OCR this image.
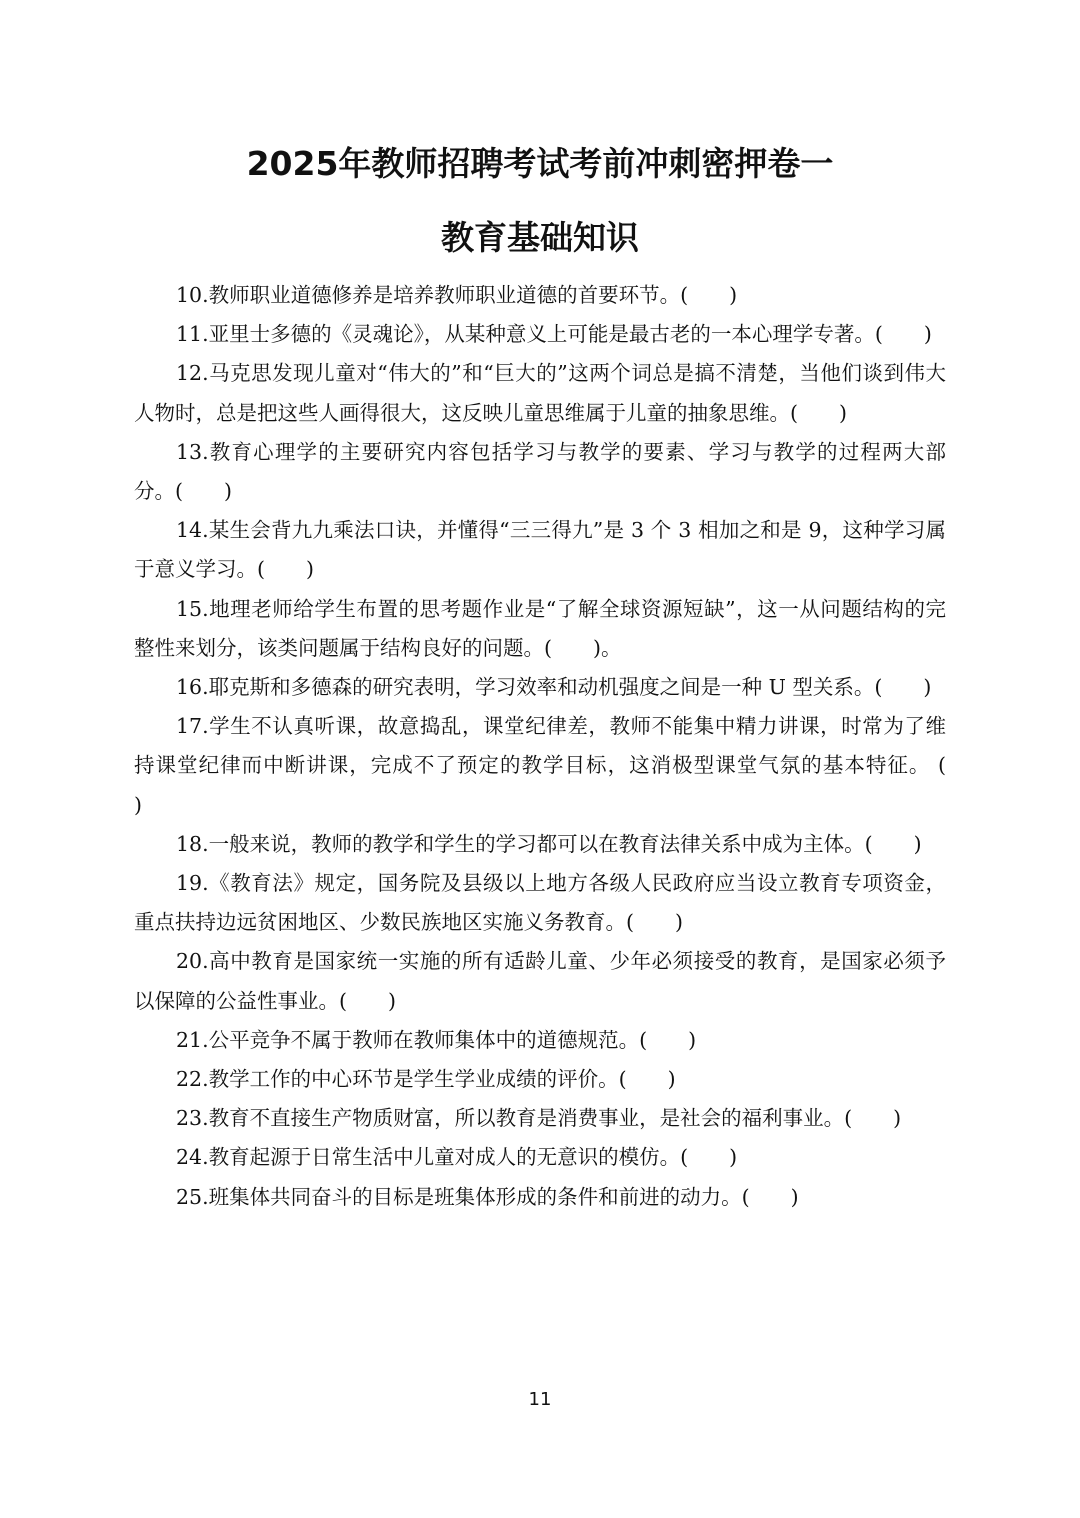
2025年教师招聘考试考前冲刺密押卷一
教育基础知识

10.教师职业道德修养是培养教师职业道德的首要环节。(　　)

11.亚里士多德的《灵魂论》，从某种意义上可能是最古老的一本心理学专著。(　　)

12.马克思发现儿童对“伟大的”和“巨大的”这两个词总是搞不清楚，当他们谈到伟大人物时，总是把这些人画得很大，这反映儿童思维属于儿童的抽象思维。(　　)

13.教育心理学的主要研究内容包括学习与教学的要素、学习与教学的过程两大部分。(　　)

14.某生会背九九乘法口诀，并懂得“三三得九”是 3 个 3 相加之和是 9，这种学习属于意义学习。(　　)

15.地理老师给学生布置的思考题作业是“了解全球资源短缺”，这一从问题结构的完整性来划分，该类问题属于结构良好的问题。(　　)。

16.耶克斯和多德森的研究表明，学习效率和动机强度之间是一种 U 型关系。(　　)

17.学生不认真听课，故意捣乱，课堂纪律差，教师不能集中精力讲课，时常为了维持课堂纪律而中断讲课，完成不了预定的教学目标，这消极型课堂气氛的基本特征。 (　　)

18.一般来说，教师的教学和学生的学习都可以在教育法律关系中成为主体。(　　)

19.《教育法》规定，国务院及县级以上地方各级人民政府应当设立教育专项资金，重点扶持边远贫困地区、少数民族地区实施义务教育。(　　)

20.高中教育是国家统一实施的所有适龄儿童、少年必须接受的教育，是国家必须予以保障的公益性事业。(　　)

21.公平竞争不属于教师在教师集体中的道德规范。(　　)

22.教学工作的中心环节是学生学业成绩的评价。(　　)

23.教育不直接生产物质财富，所以教育是消费事业，是社会的福利事业。(　　)

24.教育起源于日常生活中儿童对成人的无意识的模仿。(　　)

25.班集体共同奋斗的目标是班集体形成的条件和前进的动力。(　　)

11
